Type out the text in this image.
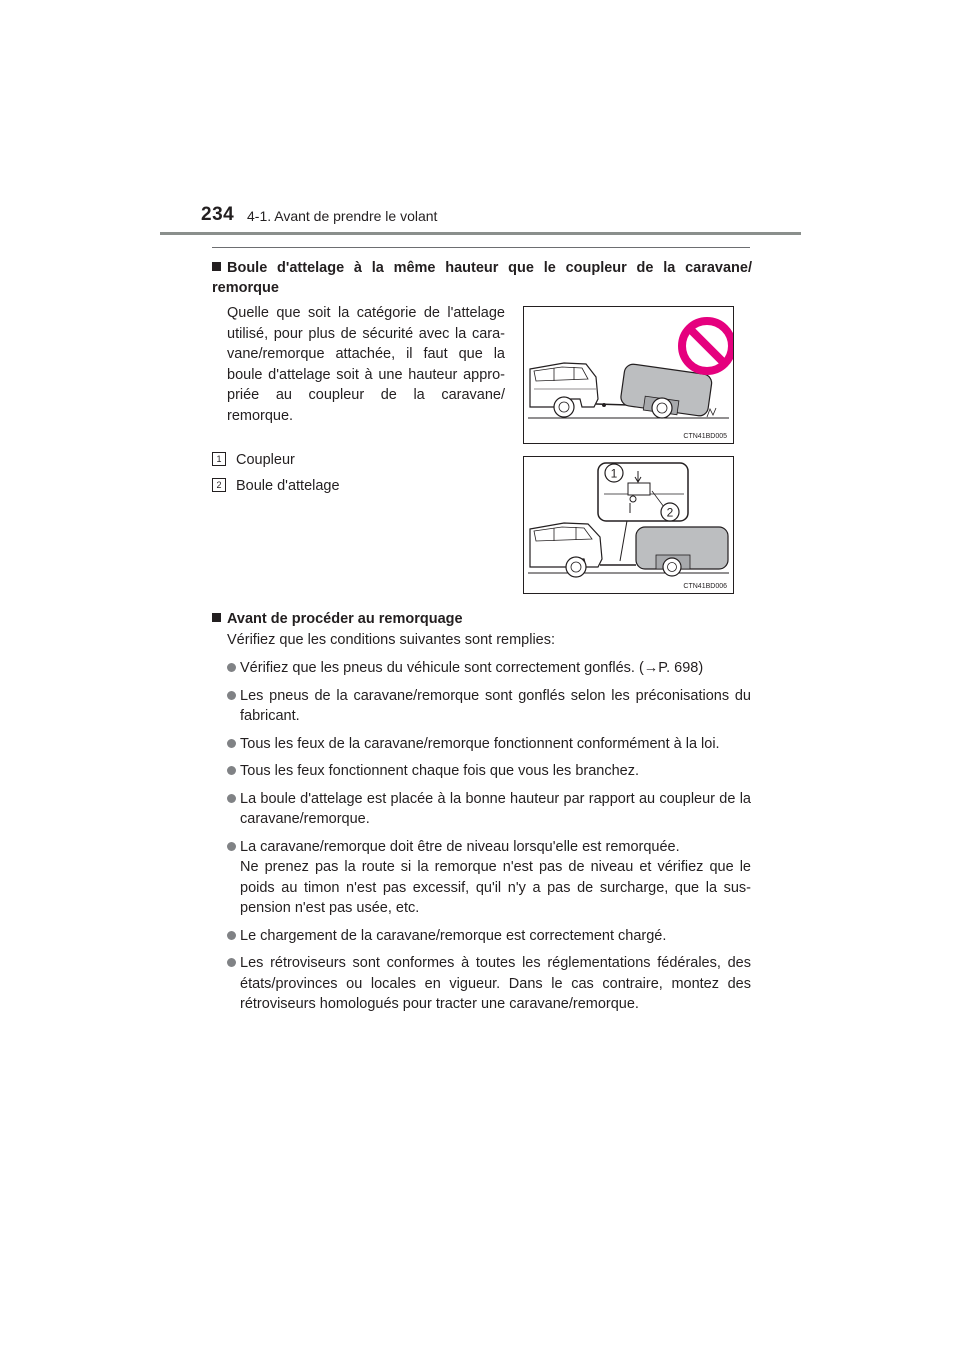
234 4-1. Avant de prendre le volant
Boule d'attelage à la même hauteur que le coupleur de la caravane/ remorque
Quelle que soit la catégorie de l'attelage utilisé, pour plus de sécurité avec la cara- vane/remorque attachée, il faut que la boule d'attelage soit à une hauteur appro- priée au coupleur de la caravane/
remorque.
CTN41BD005
1
2
CTN41BD006
1 Coupleur
2 Boule d'attelage
Avant de procéder au remorquage
Vérifiez que les conditions suivantes sont remplies:
Vérifiez que les pneus du véhicule sont correctement gonflés. (→P. 698)
Les pneus de la caravane/remorque sont gonflés selon les préconisations du fabricant.
Tous les feux de la caravane/remorque fonctionnent conformément à la loi.
Tous les feux fonctionnent chaque fois que vous les branchez.
La boule d'attelage est placée à la bonne hauteur par rapport au coupleur de la caravane/remorque.
La caravane/remorque doit être de niveau lorsqu'elle est remorquée.
Ne prenez pas la route si la remorque n'est pas de niveau et vérifiez que le poids au timon n'est pas excessif, qu'il n'y a pas de surcharge, que la sus- pension n'est pas usée, etc.
Le chargement de la caravane/remorque est correctement chargé.
Les rétroviseurs sont conformes à toutes les réglementations fédérales, des états/provinces ou locales en vigueur. Dans le cas contraire, montez des rétroviseurs homologués pour tracter une caravane/remorque.
